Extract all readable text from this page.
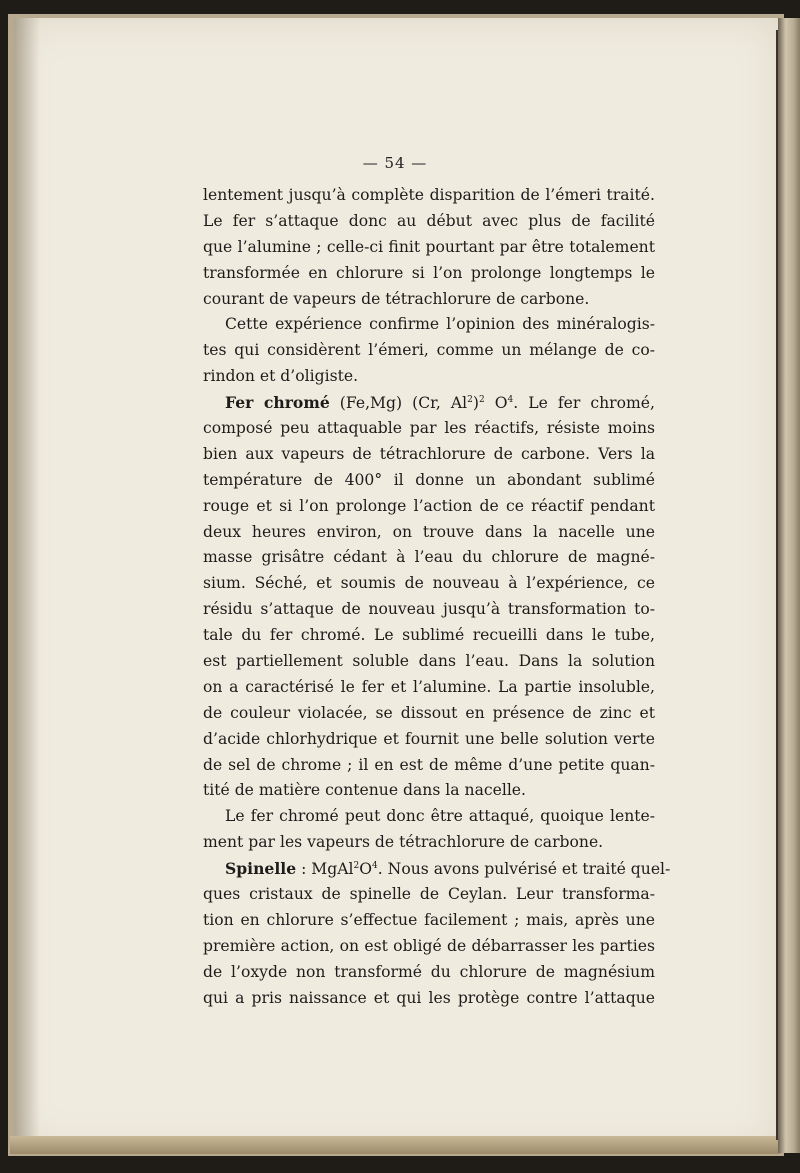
— 54 —
lentement jusqu’à complète disparition de l’émeri traité.
Le fer s’attaque donc au début avec plus de facilité
que l’alumine ; celle-ci finit pourtant par être totalement
transformée en chlorure si l’on prolonge longtemps le
courant de vapeurs de tétrachlorure de carbone.
Cette expérience confirme l’opinion des minéralogis-
tes qui considèrent l’émeri, comme un mélange de co-
rindon et d’oligiste.
Fer chromé (Fe,Mg) (Cr, Al$^2$)$^2$ $O^4$. Le fer chromé,
composé peu attaquable par les réactifs, résiste moins
bien aux vapeurs de tétrachlorure de carbone. Vers la
température de 400° il donne un abondant sublimé
rouge et si l’on prolonge l’action de ce réactif pendant
deux heures environ, on trouve dans la nacelle une
masse grisâtre cédant à l’eau du chlorure de magné-
sium. Séché, et soumis de nouveau à l’expérience, ce
résidu s’attaque de nouveau jusqu’à transformation to-
tale du fer chromé. Le sublimé recueilli dans le tube,
est partiellement soluble dans l’eau. Dans la solution
on a caractérisé le fer et l’alumine. La partie insoluble,
de couleur violacée, se dissout en présence de zinc et
d’acide chlorhydrique et fournit une belle solution verte
de sel de chrome ; il en est de même d’une petite quan-
tité de matière contenue dans la nacelle.
Le fer chromé peut donc être attaqué, quoique lente-
ment par les vapeurs de tétrachlorure de carbone.
Spinelle : $MgAl^2O^4$. Nous avons pulvérisé et traité quel-
ques cristaux de spinelle de Ceylan. Leur transforma-
tion en chlorure s’effectue facilement ; mais, après une
première action, on est obligé de débarrasser les parties
de l’oxyde non transformé du chlorure de magnésium
qui a pris naissance et qui les protège contre l’attaque
